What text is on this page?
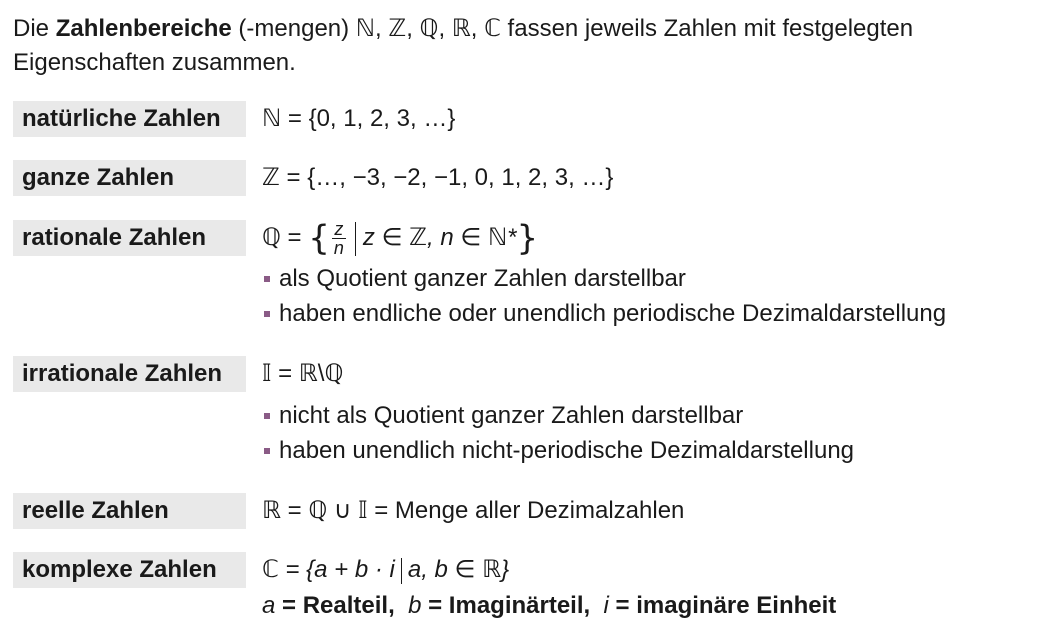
Die Zahlenbereiche (-mengen) ℕ, ℤ, ℚ, ℝ, ℂ fassen jeweils Zahlen mit festgelegten Eigenschaften zusammen.
natürliche Zahlen	ℕ = {0, 1, 2, 3, …}
ganze Zahlen	ℤ = {…, −3, −2, −1, 0, 1, 2, 3, …}
rationale Zahlen	ℚ = { $\frac{z}{n}$ z ∈ ℤ, n ∈ ℕ*}
als Quotient ganzer Zahlen darstellbar
haben endliche oder unendlich periodische Dezimaldarstellung
irrationale Zahlen	𝕀 = ℝ\ℚ
nicht als Quotient ganzer Zahlen darstellbar
haben unendlich nicht-periodische Dezimaldarstellung
reelle Zahlen	ℝ = ℚ ∪ 𝕀 = Menge aller Dezimalzahlen
komplexe Zahlen	ℂ = {a + b · i a, b ∈ ℝ}
a = Realteil, b = Imaginärteil, i = imaginäre Einheit
